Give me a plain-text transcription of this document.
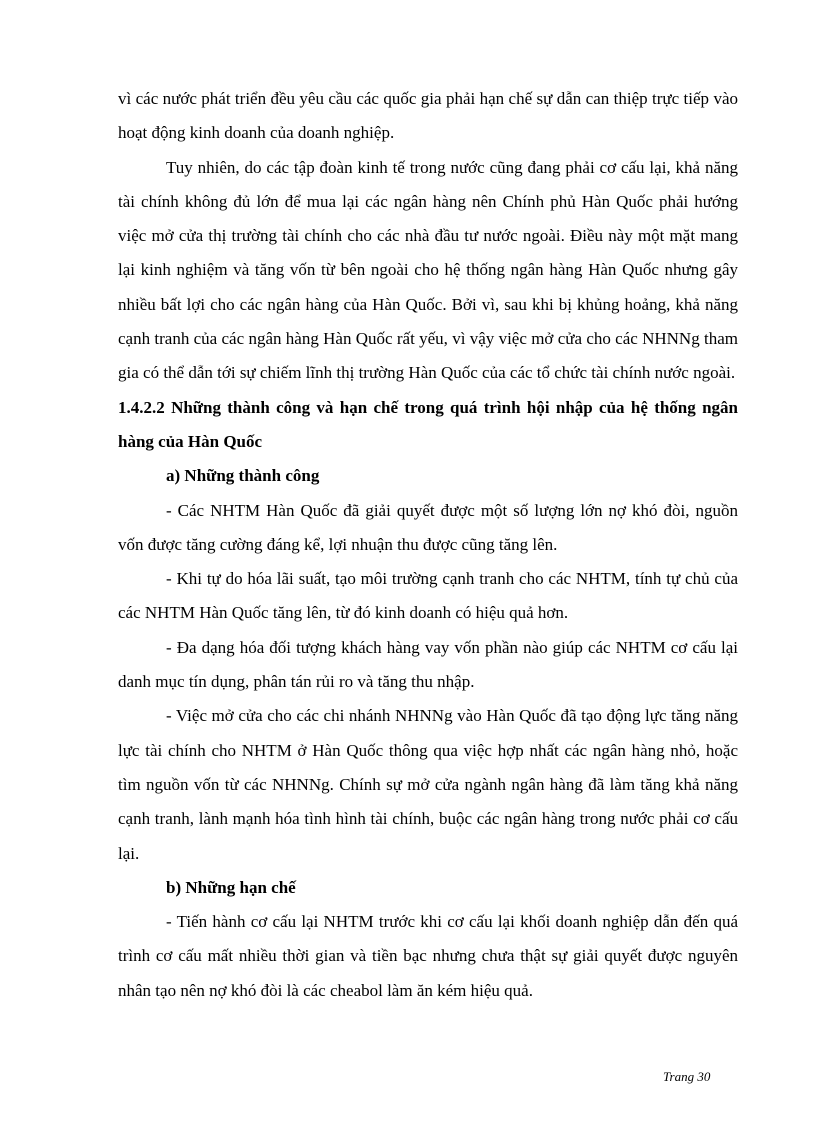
vì các nước phát triển đều yêu cầu các quốc gia phải hạn chế sự dẫn can thiệp trực tiếp vào hoạt động kinh doanh của doanh nghiệp.

Tuy nhiên, do các tập đoàn kinh tế trong nước cũng đang phải cơ cấu lại, khả năng tài chính không đủ lớn để mua lại các ngân hàng nên Chính phủ Hàn Quốc phải hướng việc mở cửa thị trường tài chính cho các nhà đầu tư nước ngoài. Điều này một mặt mang lại kinh nghiệm và tăng vốn từ bên ngoài cho hệ thống ngân hàng Hàn Quốc nhưng gây nhiều bất lợi cho các ngân hàng của Hàn Quốc. Bởi vì, sau khi bị khủng hoảng, khả năng cạnh tranh của các ngân hàng Hàn Quốc rất yếu, vì vậy việc mở cửa cho các NHNNg tham gia có thể dẫn tới sự chiếm lĩnh thị trường Hàn Quốc của các tổ chức tài chính nước ngoài.

1.4.2.2 Những thành công và hạn chế trong quá trình hội nhập của hệ thống ngân hàng của Hàn Quốc

a) Những thành công

- Các NHTM Hàn Quốc đã giải quyết được một số lượng lớn nợ khó đòi, nguồn vốn được tăng cường đáng kể, lợi nhuận thu được cũng tăng lên.

- Khi tự do hóa lãi suất, tạo môi trường cạnh tranh cho các NHTM, tính tự chủ của các NHTM Hàn Quốc tăng lên, từ đó kinh doanh có hiệu quả hơn.

- Đa dạng hóa đối tượng khách hàng vay vốn phần nào giúp các NHTM cơ cấu lại danh mục tín dụng, phân tán rủi ro và tăng thu nhập.

- Việc mở cửa cho các chi nhánh NHNNg vào Hàn Quốc đã tạo động lực tăng năng lực tài chính cho NHTM ở Hàn Quốc thông qua việc hợp nhất các ngân hàng nhỏ, hoặc tìm nguồn vốn từ các NHNNg. Chính sự mở cửa ngành ngân hàng đã làm tăng khả năng cạnh tranh, lành mạnh hóa tình hình tài chính, buộc các ngân hàng trong nước phải cơ cấu lại.

b) Những hạn chế

- Tiến hành cơ cấu lại NHTM trước khi cơ cấu lại khối doanh nghiệp dẫn đến quá trình cơ cấu mất nhiều thời gian và tiền bạc nhưng chưa thật sự giải quyết được nguyên nhân tạo nên nợ khó đòi là các cheabol làm ăn kém hiệu quả.

Trang 30
